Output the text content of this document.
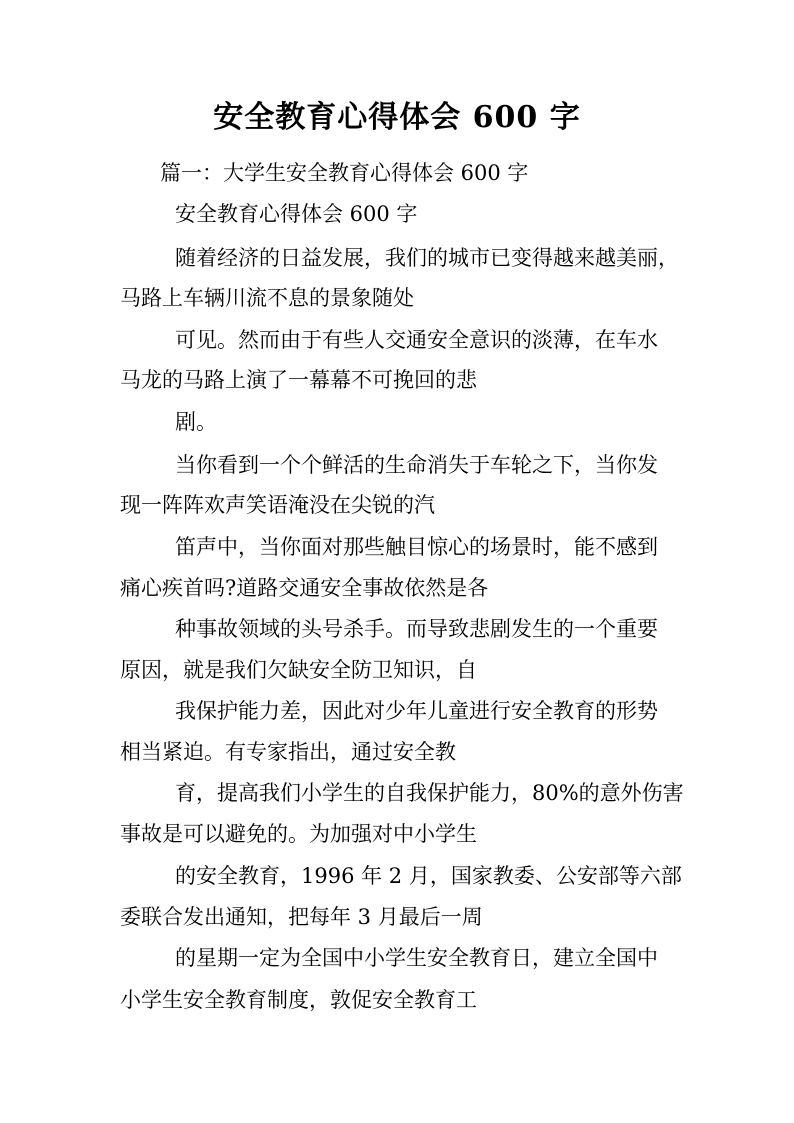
安全教育心得体会 600 字

篇一：大学生安全教育心得体会 600 字

安全教育心得体会 600 字

随着经济的日益发展，我们的城市已变得越来越美丽，

马路上车辆川流不息的景象随处

可见。然而由于有些人交通安全意识的淡薄，在车水

马龙的马路上演了一幕幕不可挽回的悲

剧。

当你看到一个个鲜活的生命消失于车轮之下，当你发

现一阵阵欢声笑语淹没在尖锐的汽

笛声中，当你面对那些触目惊心的场景时，能不感到

痛心疾首吗?道路交通安全事故依然是各

种事故领域的头号杀手。而导致悲剧发生的一个重要

原因，就是我们欠缺安全防卫知识，自

我保护能力差，因此对少年儿童进行安全教育的形势

相当紧迫。有专家指出，通过安全教

育，提高我们小学生的自我保护能力，80%的意外伤害

事故是可以避免的。为加强对中小学生

的安全教育，1996 年 2 月，国家教委、公安部等六部

委联合发出通知，把每年 3 月最后一周

的星期一定为全国中小学生安全教育日，建立全国中

小学生安全教育制度，敦促安全教育工
